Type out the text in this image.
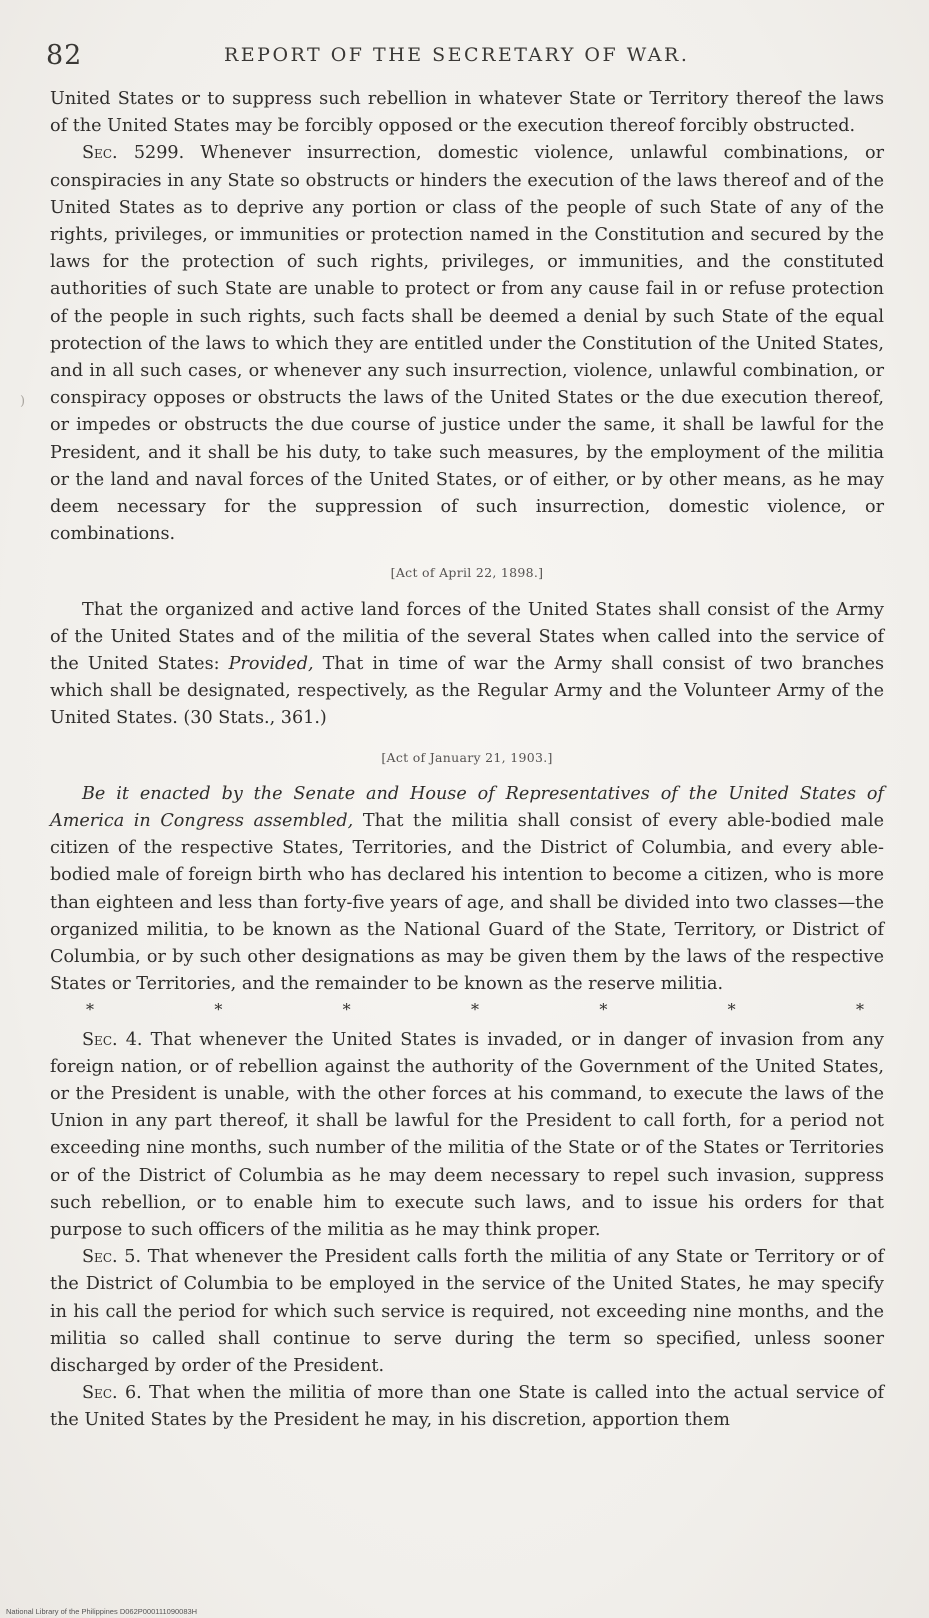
82	REPORT OF THE SECRETARY OF WAR.
)

United States or to suppress such rebellion in whatever State or Territory thereof the laws of the United States may be forcibly opposed or the execution thereof forcibly obstructed.

Sec. 5299. Whenever insurrection, domestic violence, unlawful combinations, or conspiracies in any State so obstructs or hinders the execution of the laws thereof and of the United States as to deprive any portion or class of the people of such State of any of the rights, privileges, or immunities or protection named in the Constitution and secured by the laws for the protection of such rights, privileges, or immunities, and the constituted authorities of such State are unable to protect or from any cause fail in or refuse protection of the people in such rights, such facts shall be deemed a denial by such State of the equal protection of the laws to which they are entitled under the Constitution of the United States, and in all such cases, or whenever any such insurrection, violence, unlawful combination, or conspiracy opposes or obstructs the laws of the United States or the due execution thereof, or impedes or obstructs the due course of justice under the same, it shall be lawful for the President, and it shall be his duty, to take such measures, by the employment of the militia or the land and naval forces of the United States, or of either, or by other means, as he may deem necessary for the suppression of such insurrection, domestic violence, or combinations.

[Act of April 22, 1898.]

That the organized and active land forces of the United States shall consist of the Army of the United States and of the militia of the several States when called into the service of the United States: Provided, That in time of war the Army shall consist of two branches which shall be designated, respectively, as the Regular Army and the Volunteer Army of the United States. (30 Stats., 361.)

[Act of January 21, 1903.]

Be it enacted by the Senate and House of Representatives of the United States of America in Congress assembled, That the militia shall consist of every able-bodied male citizen of the respective States, Territories, and the District of Columbia, and every able-bodied male of foreign birth who has declared his intention to become a citizen, who is more than eighteen and less than forty-five years of age, and shall be divided into two classes—the organized militia, to be known as the National Guard of the State, Territory, or District of Columbia, or by such other designations as may be given them by the laws of the respective States or Territories, and the remainder to be known as the reserve militia.

*	*	*	*	*	*	*

Sec. 4. That whenever the United States is invaded, or in danger of invasion from any foreign nation, or of rebellion against the authority of the Government of the United States, or the President is unable, with the other forces at his command, to execute the laws of the Union in any part thereof, it shall be lawful for the President to call forth, for a period not exceeding nine months, such number of the militia of the State or of the States or Territories or of the District of Columbia as he may deem necessary to repel such invasion, suppress such rebellion, or to enable him to execute such laws, and to issue his orders for that purpose to such officers of the militia as he may think proper.

Sec. 5. That whenever the President calls forth the militia of any State or Territory or of the District of Columbia to be employed in the service of the United States, he may specify in his call the period for which such service is required, not exceeding nine months, and the militia so called shall continue to serve during the term so specified, unless sooner discharged by order of the President.

Sec. 6. That when the militia of more than one State is called into the actual service of the United States by the President he may, in his discretion, apportion them

National Library of the Philippines D062P000111090083H
